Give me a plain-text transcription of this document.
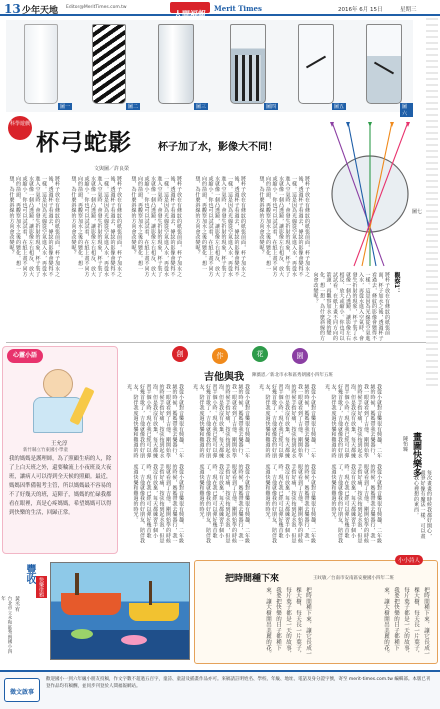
13 少年天地 Editor@MeritTimes.com.tw
人間福報
Merit Times	2016年 6月 15日	星期三
圖一	圖二	圖三	圖四	圖五	圖六
科學遊戲
杯弓蛇影	杯子加了水，影像大不同！
文與圖／許良榮
圖七
將杯子放在有條紋的紙張前面，杯子加水之後，透過杯子看過去，條紋的影像會變得不一樣。這是因為光線從空氣進入水，再從水進入空氣時，會發生折射的現象，杯子裝了水就像一個凸透鏡，讓影像左右相反、放大或縮小。你也可以試試看，在紙上畫不同方向的箭頭，再觀察加水之後的變化。想一想，為什麼斜線的方向會改變呢？	將杯子放在有條紋的紙張前面，杯子加水之後，透過杯子看過去，條紋的影像會變得不一樣。這是因為光線從空氣進入水，再從水進入空氣時，會發生折射的現象，杯子裝了水就像一個凸透鏡，讓影像左右相反、放大或縮小。你也可以試試看，在紙上畫不同方向的箭頭，再觀察加水之後的變化。想一想，為什麼斜線的方向會改變呢？	將杯子放在有條紋的紙張前面，杯子加水之後，透過杯子看過去，條紋的影像會變得不一樣。這是因為光線從空氣進入水，再從水進入空氣時，會發生折射的現象，杯子裝了水就像一個凸透鏡，讓影像左右相反、放大或縮小。你也可以試試看，在紙上畫不同方向的箭頭，再觀察加水之後的變化。想一想，為什麼斜線的方向會改變呢？	將杯子放在有條紋的紙張前面，杯子加水之後，透過杯子看過去，條紋的影像會變得不一樣。這是因為光線從空氣進入水，再從水進入空氣時，會發生折射的現象，杯子裝了水就像一個凸透鏡，讓影像左右相反、放大或縮小。你也可以試試看，在紙上畫不同方向的箭頭，再觀察加水之後的變化。想一想，為什麼斜線的方向會改變呢？	將杯子放在有條紋的紙張前面，杯子加水之後，透過杯子看過去，條紋的影像會變得不一樣。這是因為光線從空氣進入水，再從水進入空氣時，會發生折射的現象，杯子裝了水就像一個凸透鏡，讓影像左右相反、放大或縮小。你也可以試試看，在紙上畫不同方向的箭頭，再觀察加水之後的變化。想一想，為什麼斜線的方向會改變呢？
觀察1：
將杯子放在有條紋的紙張前面，杯子加水之後，透過杯子看過去，條紋的影像會變得不一樣。這是因為光線從空氣進入水，再從水進入空氣時，會發生折射的現象，杯子裝了水就像一個凸透鏡，讓影像左右相反、放大或縮小。你也可以試試看，在紙上畫不同方向的箭頭，再觀察加水之後的變化。想一想，為什麼斜線的方向會改變呢？
心靈小語
王允淳
新竹縣立竹東國小學童
我的媽媽是護理師，為了照顧生病的人，除了上白天班之外，還要輪流上小夜班及大夜班，讓病人可以得到全天候的照顧。最近，媽媽因準備報考主管，所以媽媽最不容易的不了好幾天的班，這陣子，媽媽的忙碌我都看在眼裡，真是心疼媽媽，希望媽媽可以得到快樂的生活，回歸正常。
創	作	花	園
吉他與我 陳薇恩／新北市永和區秀朗國小四年五班
我從小就對音樂很有興趣，二年級的時候，媽媽帶我去樂器行，我一眼就看到了吉他。剛開始學的時候手指好痛，按弦按到起水泡，但是我沒有放棄，每天都練習半個小時。現在我已經可以彈好幾首歌了，吉他就像我的好朋友，陪伴我度過快樂和難過的時光。	我從小就對音樂很有興趣，二年級的時候，媽媽帶我去樂器行，我一眼就看到了吉他。剛開始學的時候手指好痛，按弦按到起水泡，但是我沒有放棄，每天都練習半個小時。現在我已經可以彈好幾首歌了，吉他就像我的好朋友，陪伴我度過快樂和難過的時光。	我從小就對音樂很有興趣，二年級的時候，媽媽帶我去樂器行，我一眼就看到了吉他。剛開始學的時候手指好痛，按弦按到起水泡，但是我沒有放棄，每天都練習半個小時。現在我已經可以彈好幾首歌了，吉他就像我的好朋友，陪伴我度過快樂和難過的時光。	我從小就對音樂很有興趣，二年級的時候，媽媽帶我去樂器行，我一眼就看到了吉他。剛開始學的時候手指好痛，按弦按到起水泡，但是我沒有放棄，每天都練習半個小時。現在我已經可以彈好幾首歌了，吉他就像我的好朋友，陪伴我度過快樂和難過的時光。
我從小就對音樂很有興趣，二年級的時候，媽媽帶我去樂器行，我一眼就看到了吉他。剛開始學的時候手指好痛，按弦按到起水泡，但是我沒有放棄，每天都練習半個小時。現在我已經可以彈好幾首歌了，吉他就像我的好朋友，陪伴我度過快樂和難過的時光。	我從小就對音樂很有興趣，二年級的時候，媽媽帶我去樂器行，我一眼就看到了吉他。剛開始學的時候手指好痛，按弦按到起水泡，但是我沒有放棄，每天都練習半個小時。現在我已經可以彈好幾首歌了，吉他就像我的好朋友，陪伴我度過快樂和難過的時光。	我從小就對音樂很有興趣，二年級的時候，媽媽帶我去樂器行，我一眼就看到了吉他。剛開始學的時候手指好痛，按弦按到起水泡，但是我沒有放棄，每天都練習半個小時。現在我已經可以彈好幾首歌了，吉他就像我的好朋友，陪伴我度過快樂和難過的時光。	我從小就對音樂很有興趣，二年級的時候，媽媽帶我去樂器行，我一眼就看到了吉他。剛開始學的時候手指好痛，按弦按到起水泡，但是我沒有放棄，每天都練習半個小時。現在我已經可以彈好幾首歌了，吉他就像我的好朋友，陪伴我度過快樂和難過的時光。
畫圖快樂多
陳怡臻
每次畫畫的時候我都好開心，畫筆好像有魔法一樣，可以畫出我心裡想的東西。
小小詩人
把時間種下來	王旼敏／台南市安南區安慶國小四年二班
把時間種下來，讓它長成一棵大樹，每天長一片葉子，每片葉子都是一天的故事，我要把快樂的日子都種下來，讓大樹開出美麗的花。	把時間種下來，讓它長成一棵大樹，每天長一片葉子，每片葉子都是一天的故事，我要把快樂的日子都種下來，讓大樹開出美麗的花。
豐收
快樂塗鴉
黃丞宥
台北市立永和區秀朗國小四年
徵文啟事
歡迎國小一到六年級小朋友投稿，作文字數不超過五百字，童詩、童話及插畫作品亦可。來稿請註明姓名、學校、年級、地址、電話及身分證字號，寄至 merit-times.com.tw 編輯部。本版已刊登作品均有稿酬，並同步刊登於人間福報網站。
